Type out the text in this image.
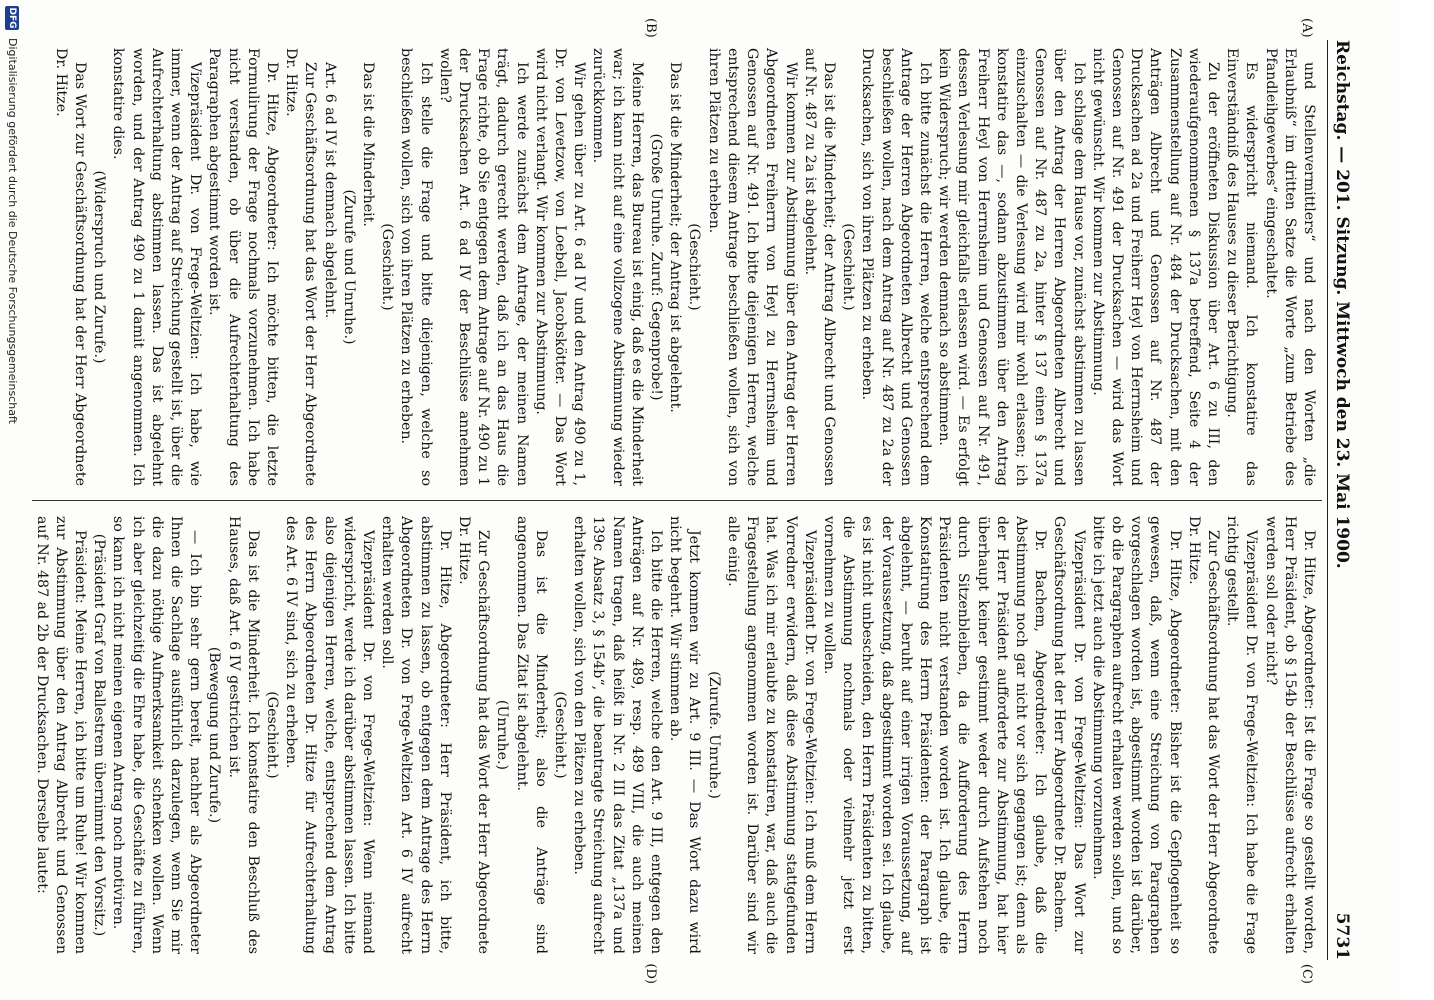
Reichstag. — 201. Sitzung. Mittwoch den 23. Mai 1900.
5731
(A)
(B)
(C)
(D)

und Stellenvermittlers“ und nach den Worten „die Erlaubniß“ im dritten Satze die Worte „zum Betriebe des Pfandleihgewerbes“ eingeschaltet.

Es widerspricht niemand. Ich konstatire das Einverständniß des Hauses zu dieser Berichtigung.

Zu der eröffneten Diskussion über Art. 6 zu III, den wiederaufgenommenen § 137a betreffend, Seite 4 der Zusammenstellung auf Nr. 484 der Drucksachen, mit den Anträgen Albrecht und Genossen auf Nr. 487 der Drucksachen ad 2a und Freiherr Heyl von Herrnsheim und Genossen auf Nr. 491 der Drucksachen — wird das Wort nicht gewünscht. Wir kommen zur Abstimmung.

Ich schlage dem Hause vor, zunächst abstimmen zu lassen über den Antrag der Herren Abgeordneten Albrecht und Genossen auf Nr. 487 zu 2a, hinter § 137 einen § 137a einzuschalten — die Verlesung wird mir wohl erlassen; ich konstatire das —, sodann abzustimmen über den Antrag Freiherr Heyl von Herrnsheim und Genossen auf Nr. 491, dessen Verlesung mir gleichfalls erlassen wird. — Es erfolgt kein Widerspruch; wir werden demnach so abstimmen.

Ich bitte zunächst die Herren, welche entsprechend dem Antrage der Herren Abgeordneten Albrecht und Genossen beschließen wollen, nach dem Antrag auf Nr. 487 zu 2a der Drucksachen, sich von ihren Plätzen zu erheben.

(Geschieht.)

Das ist die Minderheit; der Antrag Albrecht und Genossen auf Nr. 487 zu 2a ist abgelehnt.

Wir kommen zur Abstimmung über den Antrag der Herren Abgeordneten Freiherrn von Heyl zu Herrnsheim und Genossen auf Nr. 491. Ich bitte diejenigen Herren, welche entsprechend diesem Antrage beschließen wollen, sich von ihren Plätzen zu erheben.

(Geschieht.)

Das ist die Minderheit; der Antrag ist abgelehnt.

(Große Unruhe. Zuruf: Gegenprobe!)

Meine Herren, das Bureau ist einig, daß es die Minderheit war; ich kann nicht auf eine vollzogene Abstimmung wieder zurückkommen.

Wir gehen über zu Art. 6 ad IV und den Antrag 490 zu 1, Dr. von Levetzow, von Loebell, Jacobskötter. — Das Wort wird nicht verlangt. Wir kommen zur Abstimmung.

Ich werde zunächst dem Antrage, der meinen Namen trägt, dadurch gerecht werden, daß ich an das Haus die Frage richte, ob Sie entgegen dem Antrage auf Nr. 490 zu 1 der Drucksachen Art. 6 ad IV der Beschlüsse annehmen wollen?

Ich stelle die Frage und bitte diejenigen, welche so beschließen wollen, sich von ihren Plätzen zu erheben.

(Geschieht.)

Das ist die Minderheit.

(Zurufe und Unruhe.)

Art. 6 ad IV ist demnach abgelehnt.

Zur Geschäftsordnung hat das Wort der Herr Abgeordnete Dr. Hitze.

Dr. Hitze, Abgeordneter: Ich möchte bitten, die letzte Formulirung der Frage nochmals vorzunehmen. Ich habe nicht verstanden, ob über die Aufrechterhaltung des Paragraphen abgestimmt worden ist.

Vizepräsident Dr. von Frege-Weltzien: Ich habe, wie immer, wenn der Antrag auf Streichung gestellt ist, über die Aufrechterhaltung abstimmen lassen. Das ist abgelehnt worden, und der Antrag 490 zu 1 damit angenommen. Ich konstatire dies.

(Widerspruch und Zurufe.)

Das Wort zur Geschäftsordnung hat der Herr Abgeordnete Dr. Hitze.

Dr. Hitze, Abgeordneter: Ist die Frage so gestellt worden, Herr Präsident, ob § 154b der Beschlüsse aufrecht erhalten werden soll oder nicht?

Vizepräsident Dr. von Frege-Weltzien: Ich habe die Frage richtig gestellt.

Zur Geschäftsordnung hat das Wort der Herr Abgeordnete Dr. Hitze.

Dr. Hitze, Abgeordneter: Bisher ist die Gepflogenheit so gewesen, daß, wenn eine Streichung von Paragraphen vorgeschlagen worden ist, abgestimmt worden ist darüber, ob die Paragraphen aufrecht erhalten werden sollen, und so bitte ich jetzt auch die Abstimmung vorzunehmen.

Vizepräsident Dr. von Frege-Weltzien: Das Wort zur Geschäftsordnung hat der Herr Abgeordnete Dr. Bachem.

Dr. Bachem, Abgeordneter: Ich glaube, daß die Abstimmung noch gar nicht vor sich gegangen ist; denn als der Herr Präsident aufforderte zur Abstimmung, hat hier überhaupt keiner gestimmt weder durch Aufstehen noch durch Sitzenbleiben, da die Aufforderung des Herrn Präsidenten nicht verstanden worden ist. Ich glaube, die Konstatirung des Herrn Präsidenten: der Paragraph ist abgelehnt, — beruht auf einer irrigen Voraussetzung, auf der Voraussetzung, daß abgestimmt worden sei. Ich glaube, es ist nicht unbescheiden, den Herrn Präsidenten zu bitten, die Abstimmung nochmals oder vielmehr jetzt erst vornehmen zu wollen.

Vizepräsident Dr. von Frege-Weltzien: Ich muß dem Herrn Vorredner erwidern, daß diese Abstimmung stattgefunden hat. Was ich mir erlaubte zu konstatiren, war, daß auch die Fragestellung angenommen worden ist. Darüber sind wir alle einig.

(Zurufe. Unruhe.)

Jetzt kommen wir zu Art. 9 III. — Das Wort dazu wird nicht begehrt. Wir stimmen ab.

Ich bitte die Herren, welche den Art. 9 III, entgegen den Anträgen auf Nr. 489, resp. 489 VIII, die auch meinen Namen tragen, daß heißt in Nr. 2 III das Zitat „137a und 139c Absatz 3, § 154b“, die beantragte Streichung aufrecht erhalten wollen, sich von den Plätzen zu erheben.

(Geschieht.)

Das ist die Minderheit; also die Anträge sind angenommen. Das Zitat ist abgelehnt.

(Unruhe.)

Zur Geschäftsordnung hat das Wort der Herr Abgeordnete Dr. Hitze.

Dr. Hitze, Abgeordneter: Herr Präsident, ich bitte, abstimmen zu lassen, ob entgegen dem Antrage des Herrn Abgeordneten Dr. von Frege-Weltzien Art. 6 IV aufrecht erhalten werden soll.

Vizepräsident Dr. von Frege-Weltzien: Wenn niemand widerspricht, werde ich darüber abstimmen lassen. Ich bitte also diejenigen Herren, welche, entsprechend dem Antrag des Herrn Abgeordneten Dr. Hitze für Aufrechterhaltung des Art. 6 IV sind, sich zu erheben.

(Geschieht.)

Das ist die Minderheit. Ich konstatire den Beschluß des Hauses, daß Art. 6 IV gestrichen ist.

(Bewegung und Zurufe.)

— Ich bin sehr gern bereit, nachher als Abgeordneter Ihnen die Sachlage ausführlich darzulegen, wenn Sie mir die dazu nöthige Aufmerksamkeit schenken wollen. Wenn ich aber gleichzeitig die Ehre habe, die Geschäfte zu führen, so kann ich nicht meinen eigenen Antrag noch motiviren.

(Präsident Graf von Ballestrem übernimmt den Vorsitz.)

Präsident: Meine Herren, ich bitte um Ruhe! Wir kommen zur Abstimmung über den Antrag Albrecht und Genossen auf Nr. 487 ad 2b der Drucksachen. Derselbe lautet:

DFG
Digitalisierung gefördert durch die Deutsche Forschungsgemeinschaft
